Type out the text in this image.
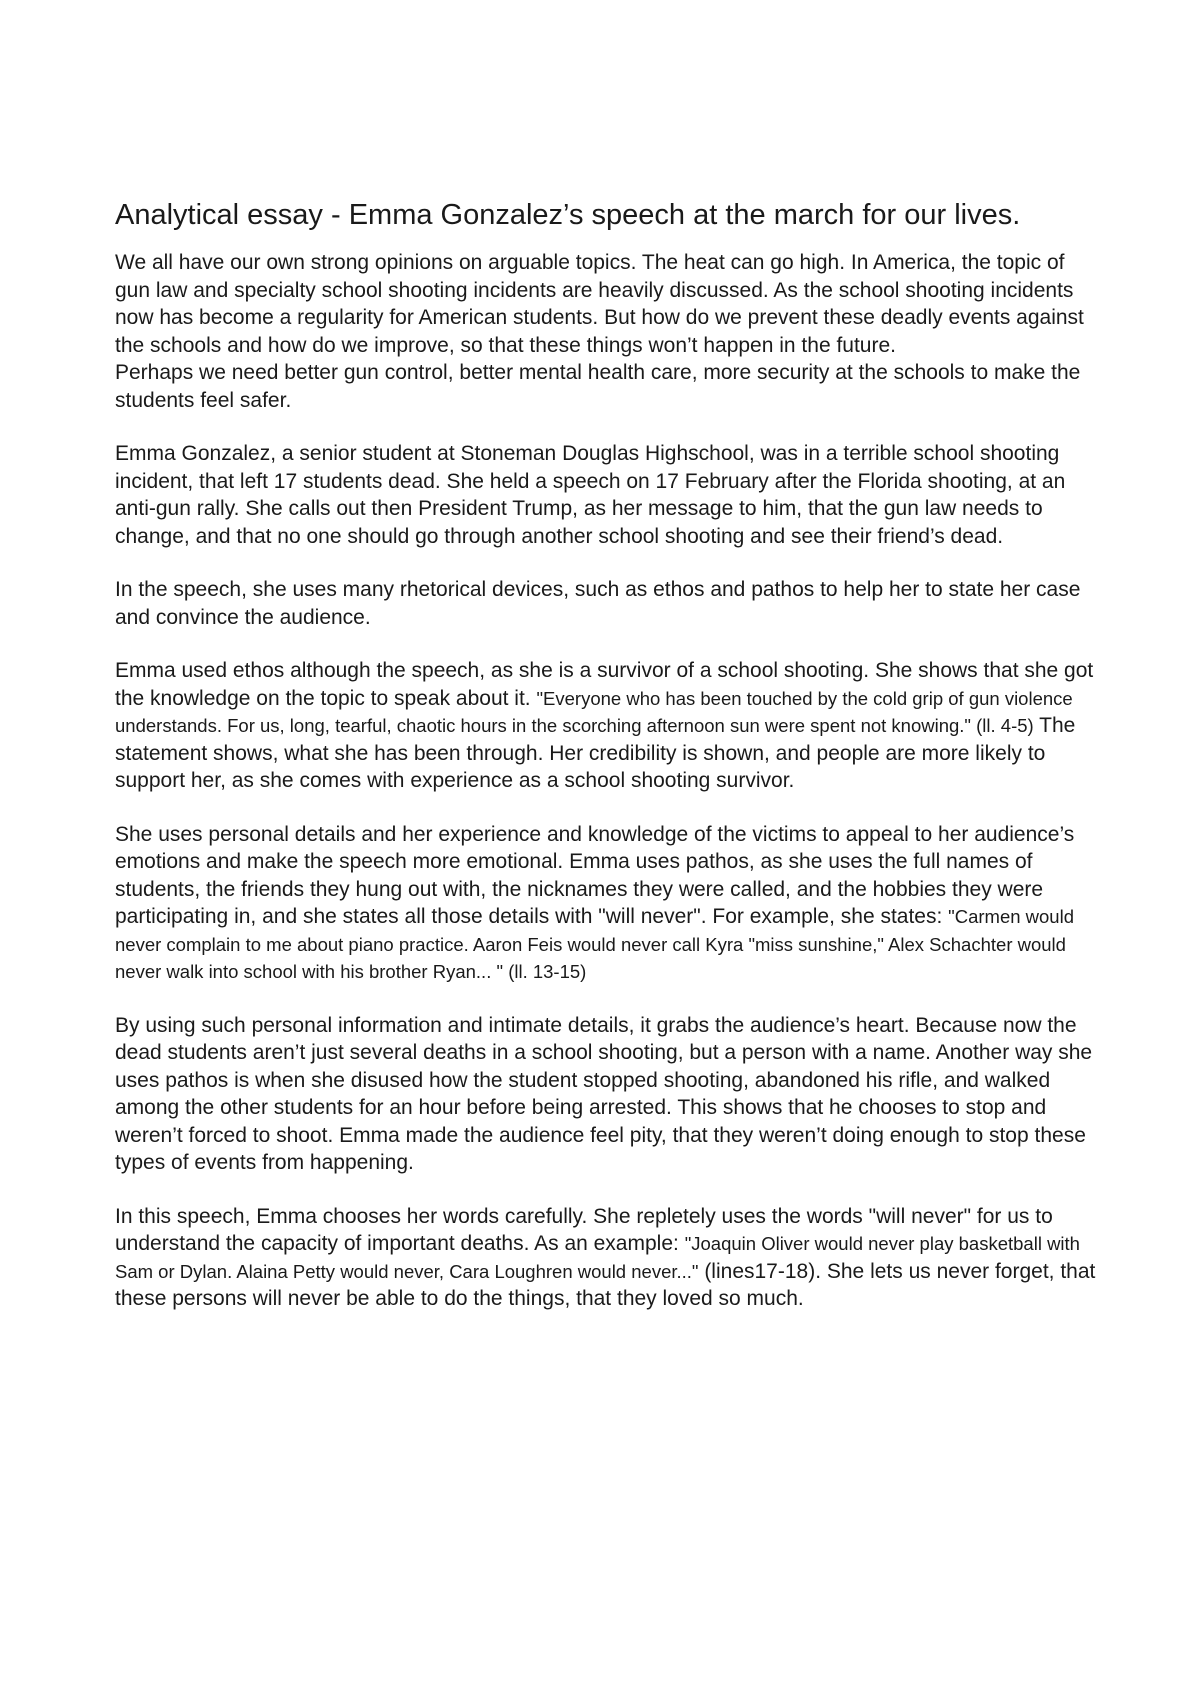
Analytical essay - Emma Gonzalez’s speech at the march for our lives.

We all have our own strong opinions on arguable topics. The heat can go high. In America, the topic of gun law and specialty school shooting incidents are heavily discussed. As the school shooting incidents now has become a regularity for American students. But how do we prevent these deadly events against the schools and how do we improve, so that these things won’t happen in the future.

Perhaps we need better gun control, better mental health care, more security at the schools to make the students feel safer.

Emma Gonzalez, a senior student at Stoneman Douglas Highschool, was in a terrible school shooting incident, that left 17 students dead. She held a speech on 17 February after the Florida shooting, at an anti-gun rally. She calls out then President Trump, as her message to him, that the gun law needs to change, and that no one should go through another school shooting and see their friend’s dead.

In the speech, she uses many rhetorical devices, such as ethos and pathos to help her to state her case and convince the audience.

Emma used ethos although the speech, as she is a survivor of a school shooting. She shows that she got the knowledge on the topic to speak about it. "Everyone who has been touched by the cold grip of gun violence understands. For us, long, tearful, chaotic hours in the scorching afternoon sun were spent not knowing." (ll. 4-5) The statement shows, what she has been through. Her credibility is shown, and people are more likely to support her, as she comes with experience as a school shooting survivor.

She uses personal details and her experience and knowledge of the victims to appeal to her audience’s emotions and make the speech more emotional. Emma uses pathos, as she uses the full names of students, the friends they hung out with, the nicknames they were called, and the hobbies they were participating in, and she states all those details with "will never". For example, she states: "Carmen would never complain to me about piano practice. Aaron Feis would never call Kyra "miss sunshine," Alex Schachter would never walk into school with his brother Ryan... " (ll. 13-15)

By using such personal information and intimate details, it grabs the audience’s heart. Because now the dead students aren’t just several deaths in a school shooting, but a person with a name. Another way she uses pathos is when she disused how the student stopped shooting, abandoned his rifle, and walked among the other students for an hour before being arrested. This shows that he chooses to stop and weren’t forced to shoot. Emma made the audience feel pity, that they weren’t doing enough to stop these types of events from happening.

In this speech, Emma chooses her words carefully. She repletely uses the words "will never" for us to understand the capacity of important deaths. As an example: "Joaquin Oliver would never play basketball with Sam or Dylan. Alaina Petty would never, Cara Loughren would never..." (lines17-18). She lets us never forget, that these persons will never be able to do the things, that they loved so much.
